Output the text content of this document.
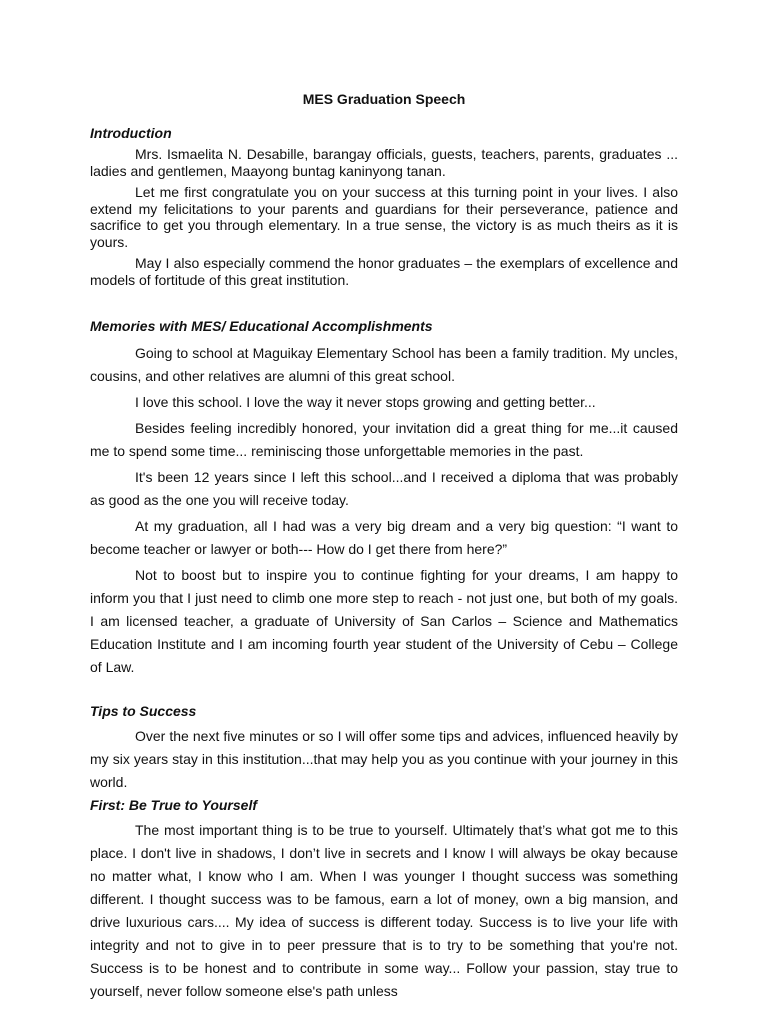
MES Graduation Speech
Introduction

Mrs. Ismaelita N. Desabille, barangay officials, guests, teachers, parents, graduates ... ladies and gentlemen, Maayong buntag kaninyong tanan.

Let me first congratulate you on your success at this turning point in your lives. I also extend my felicitations to your parents and guardians for their perseverance, patience and sacrifice to get you through elementary. In a true sense, the victory is as much theirs as it is yours.

May I also especially commend the honor graduates – the exemplars of excellence and models of fortitude of this great institution.

Memories with MES/ Educational Accomplishments

Going to school at Maguikay Elementary School has been a family tradition. My uncles, cousins, and other relatives are alumni of this great school.

I love this school. I love the way it never stops growing and getting better...

Besides feeling incredibly honored, your invitation did a great thing for me...it caused me to spend some time... reminiscing those unforgettable memories in the past.

It's been 12 years since I left this school...and I received a diploma that was probably as good as the one you will receive today.

At my graduation, all I had was a very big dream and a very big question: “I want to become teacher or lawyer or both--- How do I get there from here?”

Not to boost but to inspire you to continue fighting for your dreams, I am happy to inform you that I just need to climb one more step to reach - not just one, but both of my goals. I am licensed teacher, a graduate of University of San Carlos – Science and Mathematics Education Institute and I am incoming fourth year student of the University of Cebu – College of Law.

Tips to Success

Over the next five minutes or so I will offer some tips and advices, influenced heavily by my six years stay in this institution...that may help you as you continue with your journey in this world.

First: Be True to Yourself

The most important thing is to be true to yourself. Ultimately that’s what got me to this place. I don't live in shadows, I don’t live in secrets and I know I will always be okay because no matter what, I know who I am. When I was younger I thought success was something different. I thought success was to be famous, earn a lot of money, own a big mansion, and drive luxurious cars.... My idea of success is different today. Success is to live your life with integrity and not to give in to peer pressure that is to try to be something that you're not. Success is to be honest and to contribute in some way... Follow your passion, stay true to yourself, never follow someone else's path unless
